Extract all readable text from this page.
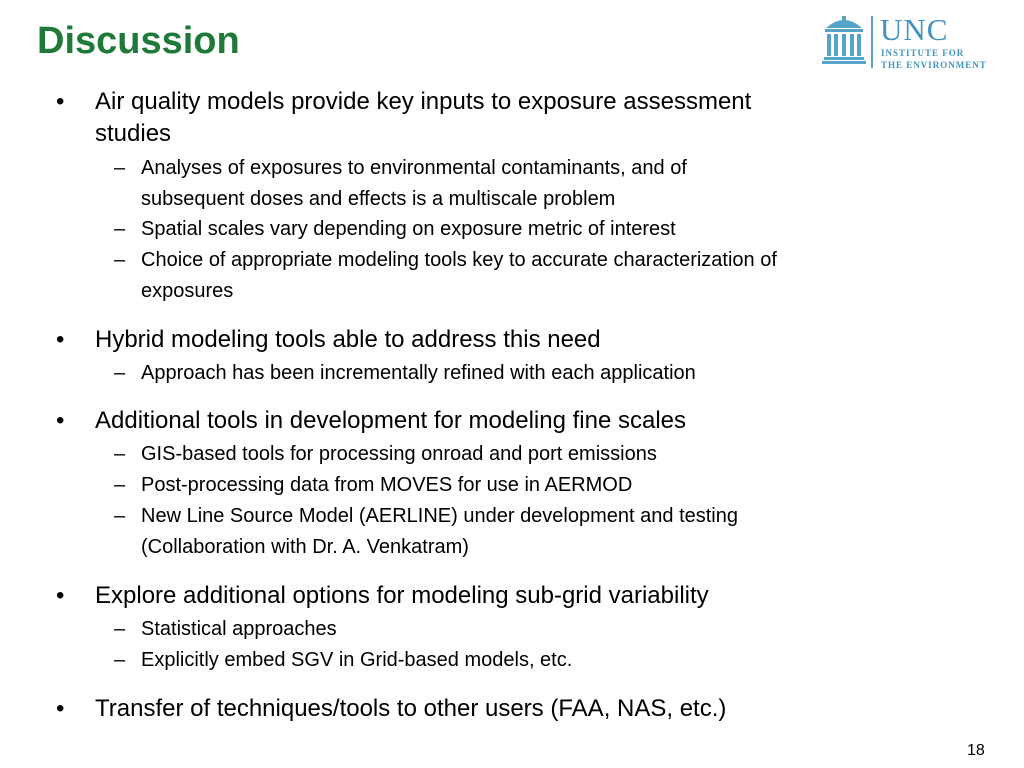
Discussion	UNC
INSTITUTE FOR
THE ENVIRONMENT
• Air quality models provide key inputs to exposure assessment
studies
– Analyses of exposures to environmental contaminants, and of
subsequent doses and effects is a multiscale problem
– Spatial scales vary depending on exposure metric of interest
– Choice of appropriate modeling tools key to accurate characterization of
exposures
• Hybrid modeling tools able to address this need
– Approach has been incrementally refined with each application
• Additional tools in development for modeling fine scales
– GIS-based tools for processing onroad and port emissions
– Post-processing data from MOVES for use in AERMOD
– New Line Source Model (AERLINE) under development and testing
(Collaboration with Dr. A. Venkatram)
• Explore additional options for modeling sub-grid variability
– Statistical approaches
– Explicitly embed SGV in Grid-based models, etc.
• Transfer of techniques/tools to other users (FAA, NAS, etc.)
18
